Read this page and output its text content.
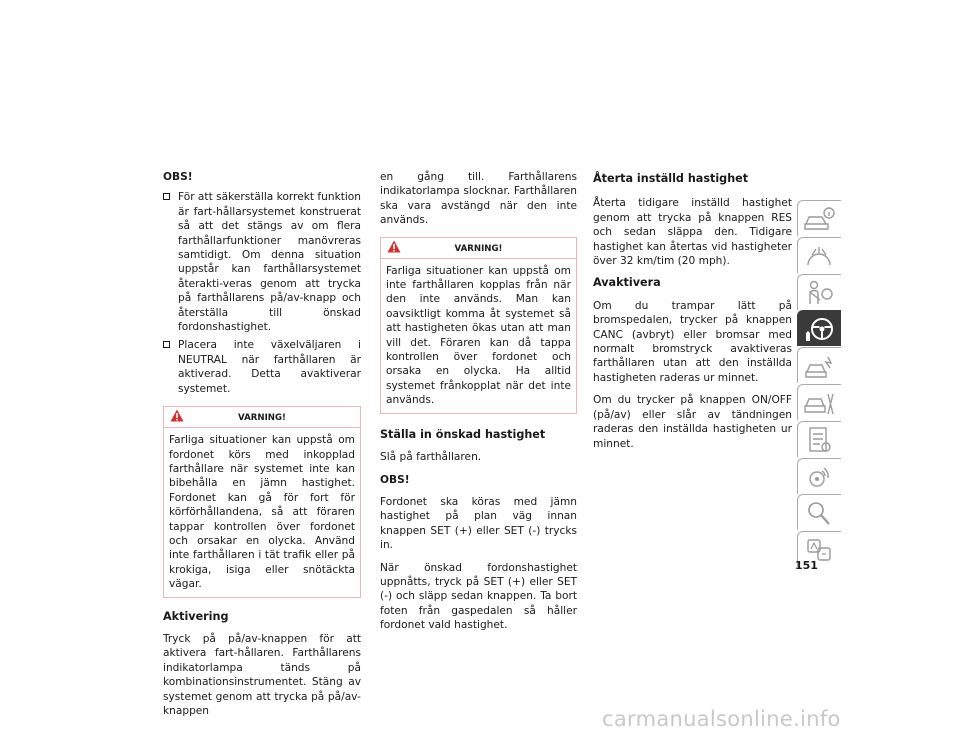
OBS!

För att säkerställa korrekt funktion är fart-hållarsystemet konstruerat så att det stängs av om flera farthållarfunktioner manövreras samtidigt. Om denna situation uppstår kan farthållarsystemet återakti-veras genom att trycka på farthållarens på/av-knapp och återställa till önskad fordonshastighet.
Placera inte växelväljaren i NEUTRAL när farthållaren är aktiverad. Detta avaktiverar systemet.
VARNING!
Farliga situationer kan uppstå om fordonet körs med inkopplad farthållare när systemet inte kan bibehålla en jämn hastighet. Fordonet kan gå för fort för körförhållandena, så att föraren tappar kontrollen över fordonet och orsakar en olycka. Använd inte farthållaren i tät trafik eller på krokiga, isiga eller snötäckta vägar.

Aktivering

Tryck på på/av-knappen för att aktivera fart-hållaren. Farthållarens indikatorlampa tänds på kombinationsinstrumentet. Stäng av systemet genom att trycka på på/av-knappen

en gång till. Farthållarens indikatorlampa slocknar. Farthållaren ska vara avstängd när den inte används.

VARNING!
Farliga situationer kan uppstå om inte farthållaren kopplas från när den inte används. Man kan oavsiktligt komma åt systemet så att hastigheten ökas utan att man vill det. Föraren kan då tappa kontrollen över fordonet och orsaka en olycka. Ha alltid systemet frånkopplat när det inte används.

Ställa in önskad hastighet

Slå på farthållaren.

OBS!

Fordonet ska köras med jämn hastighet på plan väg innan knappen SET (+) eller SET (-) trycks in.

När önskad fordonshastighet uppnåtts, tryck på SET (+) eller SET (-) och släpp sedan knappen. Ta bort foten från gaspedalen så håller fordonet vald hastighet.

Återta inställd hastighet

Återta tidigare inställd hastighet genom att trycka på knappen RES och sedan släppa den. Tidigare hastighet kan återtas vid hastigheter över 32 km/tim (20 mph).

Avaktivera

Om du trampar lätt på bromspedalen, trycker på knappen CANC (avbryt) eller bromsar med normalt bromstryck avaktiveras farthållaren utan att den inställda hastigheten raderas ur minnet.

Om du trycker på knappen ON/OFF (på/av) eller slår av tändningen raderas den inställda hastigheten ur minnet.

151
carmanualsonline.info
